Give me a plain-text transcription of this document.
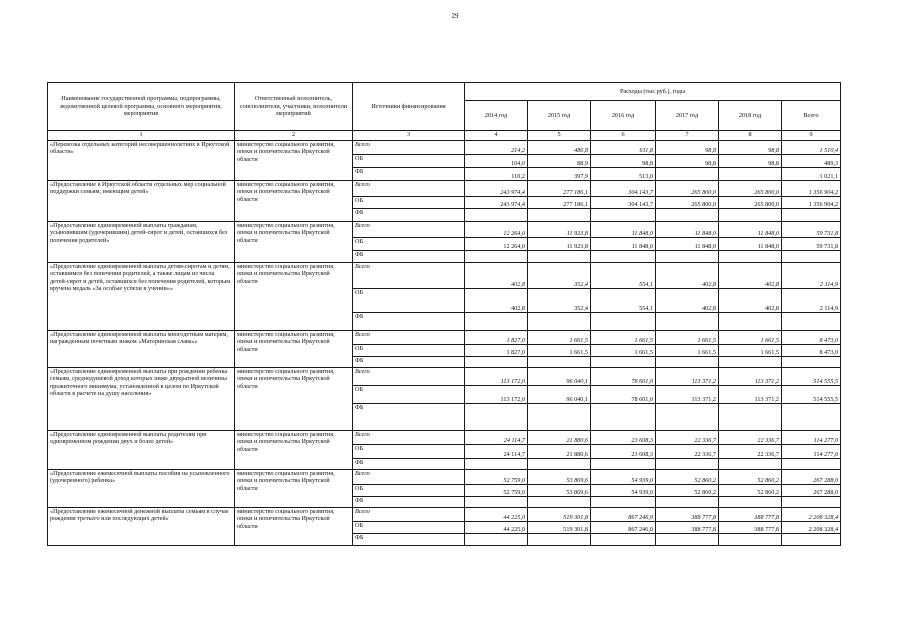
29
Наименование государственной программы, подпрограммы, ведомственной целевой программы, основного мероприятия, мероприятия	Ответственный исполнитель, соисполнители, участники, исполнители мероприятий	Источники финансирования	Расходы (тыс.руб.), годы					
			2014 год	2015 год	2016 год	2017 год	2018 год	Всего
1	2	3	4	5	6	7	8	9
«Перевозка отдельных категорий несовершеннолетних в Иркутской области»	министерство социального развития, опеки и попечительства Иркутской области	Всего	214,2	486,8	611,8	98,8	98,8	1 510,4
		ОБ	104,0	88,9	98,8	98,8	98,8	489,3
		ФБ	110,2	397,9	513,0			1 021,1
«Предоставление в Иркутской области отдельных мер социальной поддержки семьям, имеющим детей»	министерство социального развития, опеки и попечительства Иркутской области	Всего	243 974,4	277 186,1	304 143,7	265 800,0	265 800,0	1 356 904,2
		ОБ	243 974,4	277 186,1	304 143,7	265 800,0	265 800,0	1 356 904,2
		ФБ						
«Предоставление единовременной выплаты гражданам, усыновившим (удочерившим) детей-сирот и детей, оставшихся без попечения родителей»	министерство социального развития, опеки и попечительства Иркутской области	Всего	12 264,0	11 923,8	11 848,0	11 848,0	11 848,0	59 731,8
		ОБ	12 264,0	11 923,8	11 848,0	11 848,0	11 848,0	59 731,8
		ФБ						
«Предоставление единовременной выплаты детям-сиротам и детям, оставшимся без попечения родителей, а также лицам из числа детей-сирот и детей, оставшихся без попечения родителей, которым вручена медаль «За особые успехи в учении»»	министерство социального развития, опеки и попечительства Иркутской области	Всего	402,8	352,4	554,1	402,8	402,8	2 114,9
		ОБ	402,8	352,4	554,1	402,8	402,8	2 114,9
		ФБ						
«Предоставление единовременной выплаты многодетным матерям, награжденным почетным знаком «Материнская слава»»	министерство социального развития, опеки и попечительства Иркутской области	Всего	1 827,0	1 661,5	1 661,5	1 661,5	1 661,5	8 473,0
		ОБ	1 827,0	1 661,5	1 661,5	1 661,5	1 661,5	8 473,0
		ФБ						
«Предоставление единовременной выплаты при рождении ребенка семьям, среднедушевой доход которых ниже двукратной величины прожиточного минимума, установленной в целом по Иркутской области в расчете на душу населения»	министерство социального развития, опеки и попечительства Иркутской области	Всего	113 172,0	96 040,1	78 601,0	113 371,2	113 371,2	514 555,5
		ОБ	113 172,0	96 040,1	78 601,0	113 371,2	113 371,2	514 555,5
		ФБ						
«Предоставление единовременной выплаты родителям при одновременном рождении двух и более детей»	министерство социального развития, опеки и попечительства Иркутской области	Всего	24 114,7	21 880,6	23 608,3	22 336,7	22 336,7	114 277,0
		ОБ	24 114,7	21 880,6	23 608,3	22 336,7	22 336,7	114 277,0
		ФБ						
«Предоставление ежемесячной выплаты пособия на усыновленного (удочеренного) ребенка»	министерство социального развития, опеки и попечительства Иркутской области	Всего	52 759,0	53 869,6	54 939,0	52 860,2	52 860,2	267 288,0
		ОБ	52 759,0	53 869,6	54 939,0	52 860,2	52 860,2	267 288,0
		ФБ						
«Предоставление ежемесячной денежной выплаты семьям в случае рождения третьего или последующих детей»	министерство социального развития, опеки и попечительства Иркутской области	Всего	44 225,0	519 301,8	867 246,0	388 777,8	388 777,8	2 208 328,4
		ОБ	44 225,0	519 301,8	867 246,0	388 777,8	388 777,8	2 208 328,4
		ФБ						
